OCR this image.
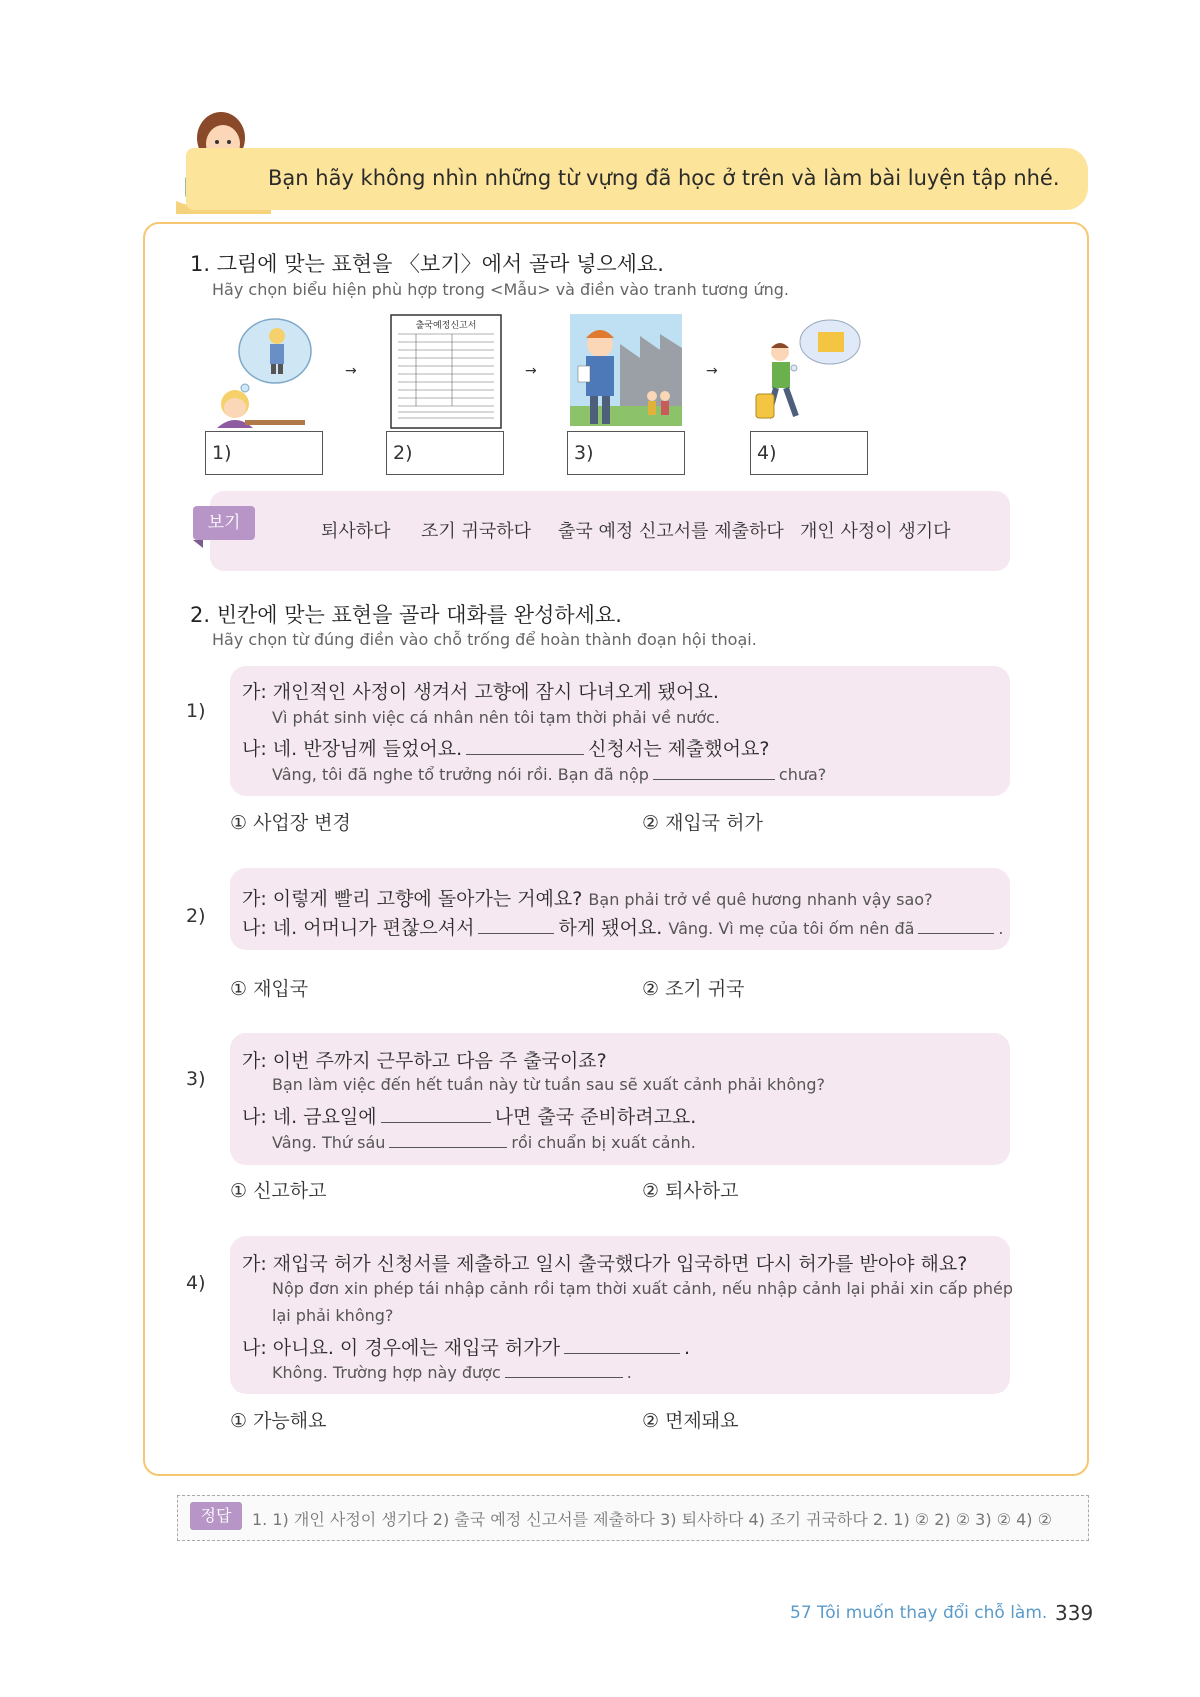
Bạn hãy không nhìn những từ vựng đã học ở trên và làm bài luyện tập nhé.
1. 그림에 맞는 표현을 〈보기〉에서 골라 넣으세요.
Hãy chọn biểu hiện phù hợp trong <Mẫu> và điền vào tranh tương ứng.
→
출국예정신고서
→	→
1)	2)	3)	4)
보기	퇴사하다 조기 귀국하다 출국 예정 신고서를 제출하다 개인 사정이 생기다
2. 빈칸에 맞는 표현을 골라 대화를 완성하세요.
Hãy chọn từ đúng điền vào chỗ trống để hoàn thành đoạn hội thoại.
1)
가: 개인적인 사정이 생겨서 고향에 잠시 다녀오게 됐어요.
Vì phát sinh việc cá nhân nên tôi tạm thời phải về nước.
나: 네. 반장님께 들었어요.	신청서는 제출했어요?
Vâng, tôi đã nghe tổ trưởng nói rồi. Bạn đã nộp	chưa?
① 사업장 변경	② 재입국 허가
2)
가: 이렇게 빨리 고향에 돌아가는 거예요? Bạn phải trở về quê hương nhanh vậy sao?
나: 네. 어머니가 편찮으셔서	하게 됐어요. Vâng. Vì mẹ của tôi ốm nên đã	.
① 재입국	② 조기 귀국
3)
가: 이번 주까지 근무하고 다음 주 출국이죠?
Bạn làm việc đến hết tuần này từ tuần sau sẽ xuất cảnh phải không?
나: 네. 금요일에	나면 출국 준비하려고요.
Vâng. Thứ sáu	rồi chuẩn bị xuất cảnh.
① 신고하고	② 퇴사하고
4)
가: 재입국 허가 신청서를 제출하고 일시 출국했다가 입국하면 다시 허가를 받아야 해요?
Nộp đơn xin phép tái nhập cảnh rồi tạm thời xuất cảnh, nếu nhập cảnh lại phải xin cấp phép
lại phải không?
나: 아니요. 이 경우에는 재입국 허가가	.
Không. Trường hợp này được	.
① 가능해요	② 면제돼요
정답	1. 1) 개인 사정이 생기다 2) 출국 예정 신고서를 제출하다 3) 퇴사하다 4) 조기 귀국하다 2. 1) ② 2) ② 3) ② 4) ②
57 Tôi muốn thay đổi chỗ làm. 339
